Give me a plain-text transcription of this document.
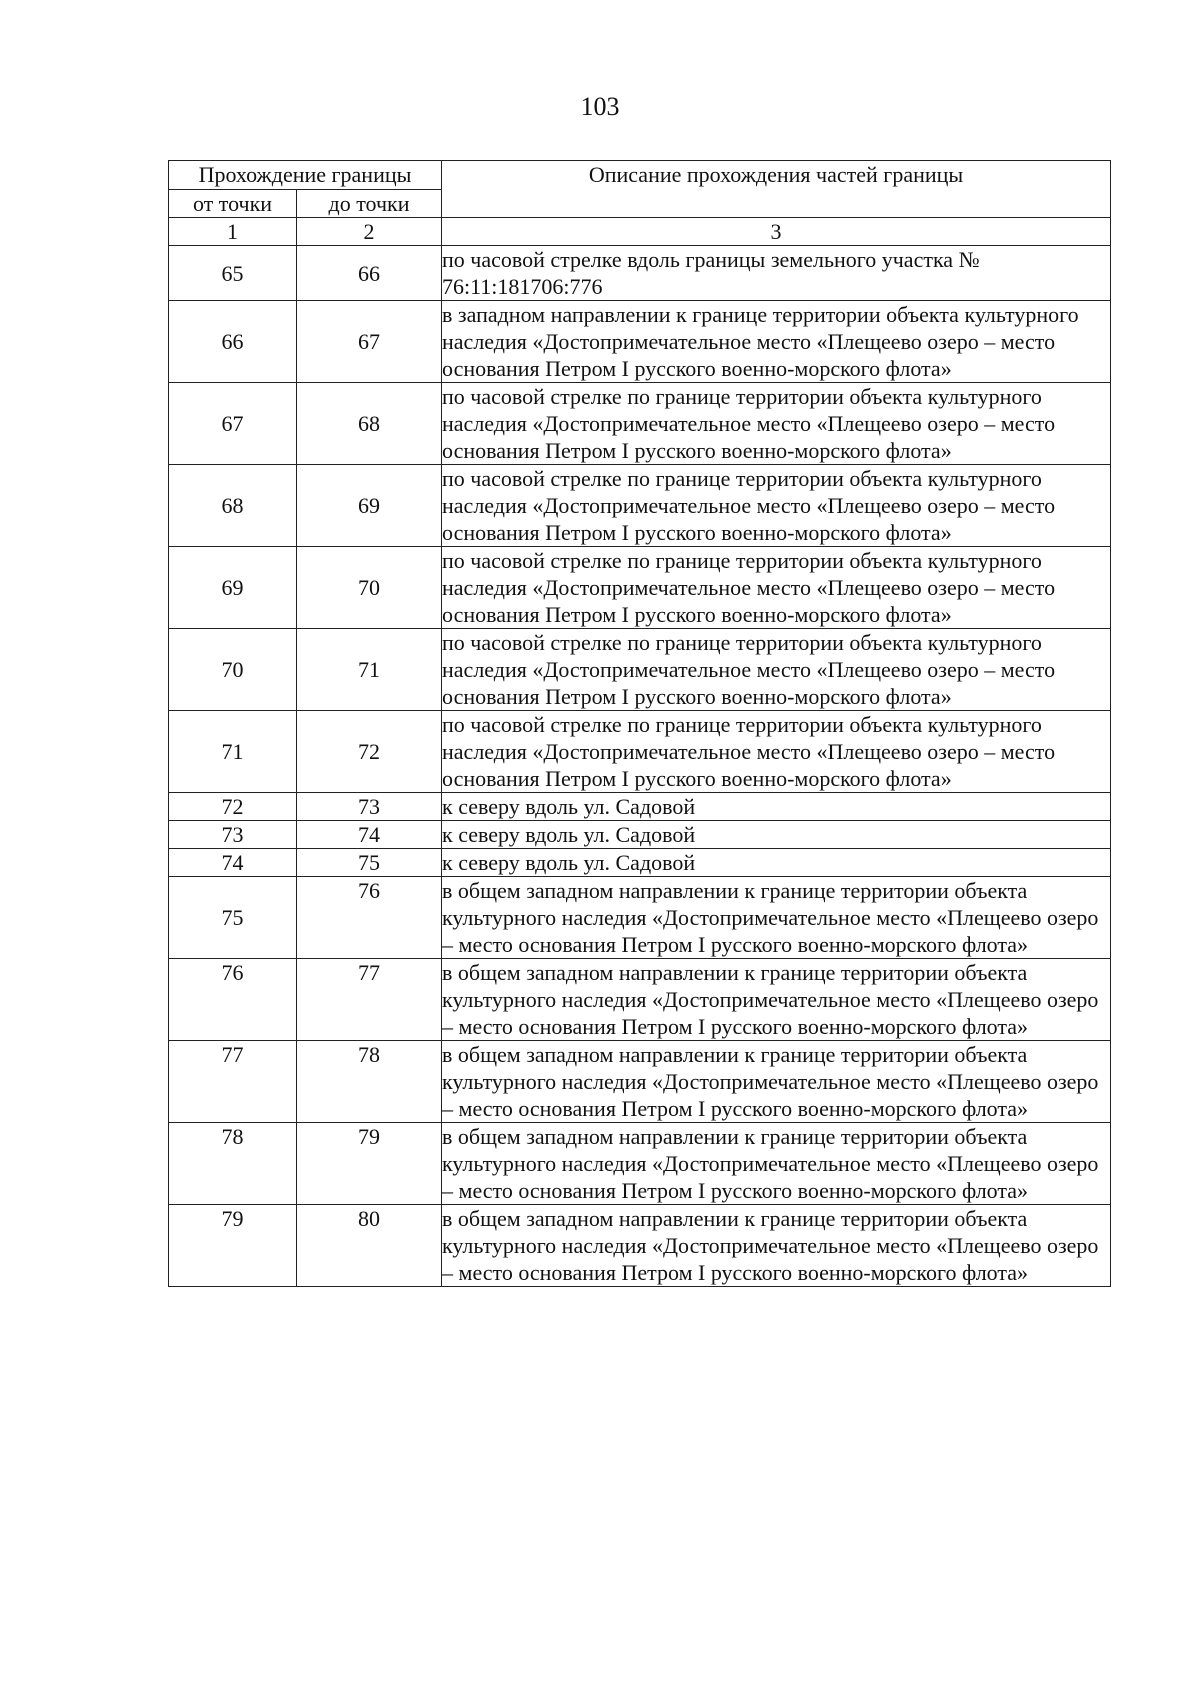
103
Прохождение границы		Описание прохождения частей границы
от точки	до точки	
1	2	3
65	66	по часовой стрелке вдоль границы земельного участка № 76:11:181706:776
66	67	в западном направлении к границе территории объекта культурного наследия «Достопримечательное место «Плещеево озеро – место основания Петром I русского военно-морского флота»
67	68	по часовой стрелке по границе территории объекта культурного наследия «Достопримечательное место «Плещеево озеро – место основания Петром I русского военно-морского флота»
68	69	по часовой стрелке по границе территории объекта культурного наследия «Достопримечательное место «Плещеево озеро – место основания Петром I русского военно-морского флота»
69	70	по часовой стрелке по границе территории объекта культурного наследия «Достопримечательное место «Плещеево озеро – место основания Петром I русского военно-морского флота»
70	71	по часовой стрелке по границе территории объекта культурного наследия «Достопримечательное место «Плещеево озеро – место основания Петром I русского военно-морского флота»
71	72	по часовой стрелке по границе территории объекта культурного наследия «Достопримечательное место «Плещеево озеро – место основания Петром I русского военно-морского флота»
72	73	к северу вдоль ул. Садовой
73	74	к северу вдоль ул. Садовой
74	75	к северу вдоль ул. Садовой
75	76	в общем западном направлении к границе территории объекта культурного наследия «Достопримечательное место «Плещеево озеро – место основания Петром I русского военно-морского флота»
76	77	в общем западном направлении к границе территории объекта культурного наследия «Достопримечательное место «Плещеево озеро – место основания Петром I русского военно-морского флота»
77	78	в общем западном направлении к границе территории объекта культурного наследия «Достопримечательное место «Плещеево озеро – место основания Петром I русского военно-морского флота»
78	79	в общем западном направлении к границе территории объекта культурного наследия «Достопримечательное место «Плещеево озеро – место основания Петром I русского военно-морского флота»
79	80	в общем западном направлении к границе территории объекта культурного наследия «Достопримечательное место «Плещеево озеро – место основания Петром I русского военно-морского флота»
